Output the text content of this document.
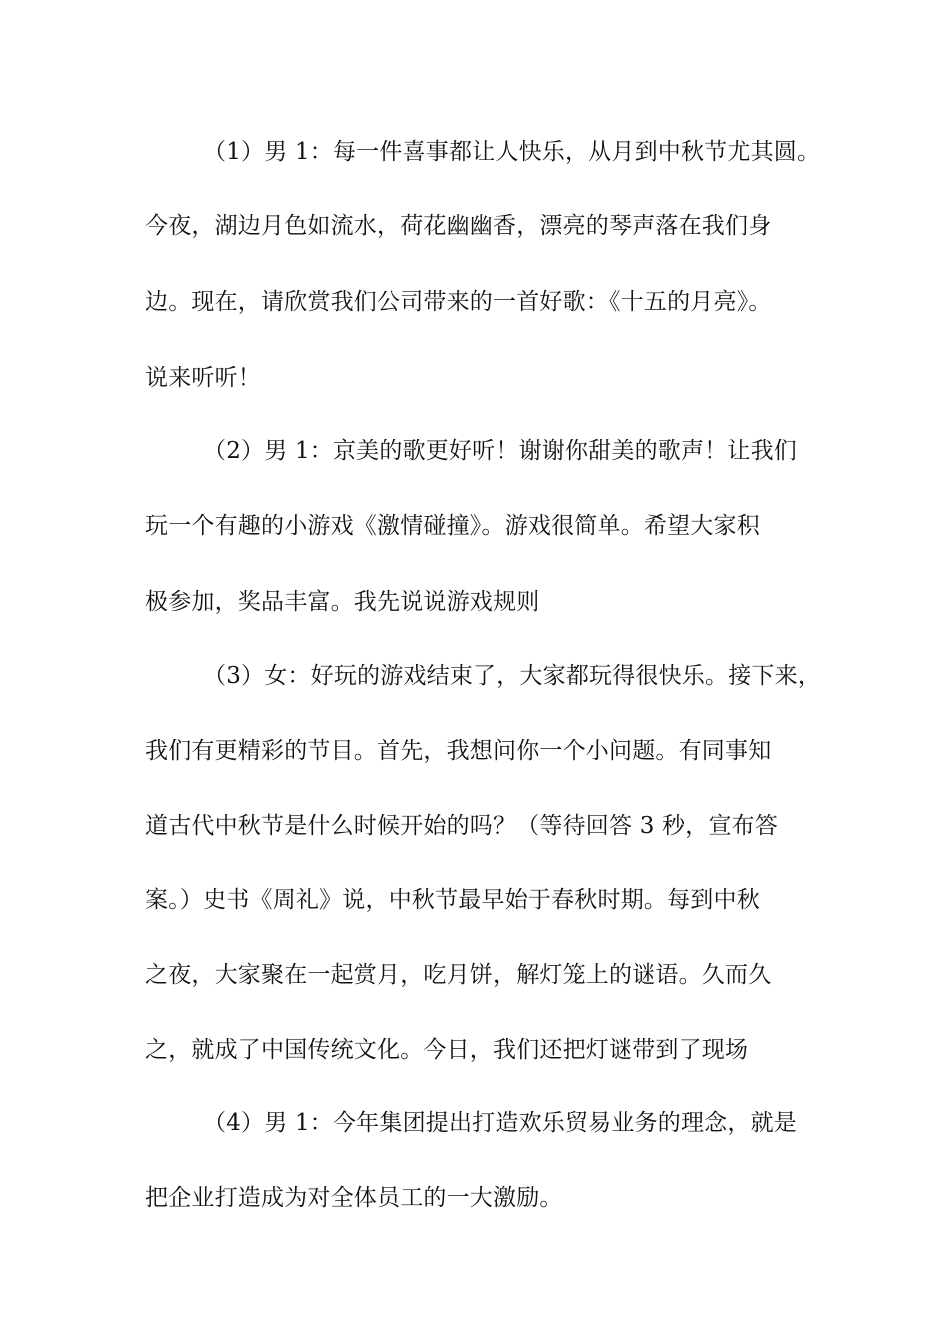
（1）男 1：每一件喜事都让人快乐，从月到中秋节尤其圆。

今夜，湖边月色如流水，荷花幽幽香，漂亮的琴声落在我们身

边。现在，请欣赏我们公司带来的一首好歌：《十五的月亮》。

说来听听！

（2）男 1：京美的歌更好听！谢谢你甜美的歌声！让我们

玩一个有趣的小游戏《激情碰撞》。游戏很简单。希望大家积

极参加，奖品丰富。我先说说游戏规则

（3）女：好玩的游戏结束了，大家都玩得很快乐。接下来，

我们有更精彩的节目。首先，我想问你一个小问题。有同事知

道古代中秋节是什么时候开始的吗？（等待回答 3 秒，宣布答

案。）史书《周礼》说，中秋节最早始于春秋时期。每到中秋

之夜，大家聚在一起赏月，吃月饼，解灯笼上的谜语。久而久

之，就成了中国传统文化。今日，我们还把灯谜带到了现场

（4）男 1：今年集团提出打造欢乐贸易业务的理念，就是

把企业打造成为对全体员工的一大激励。
